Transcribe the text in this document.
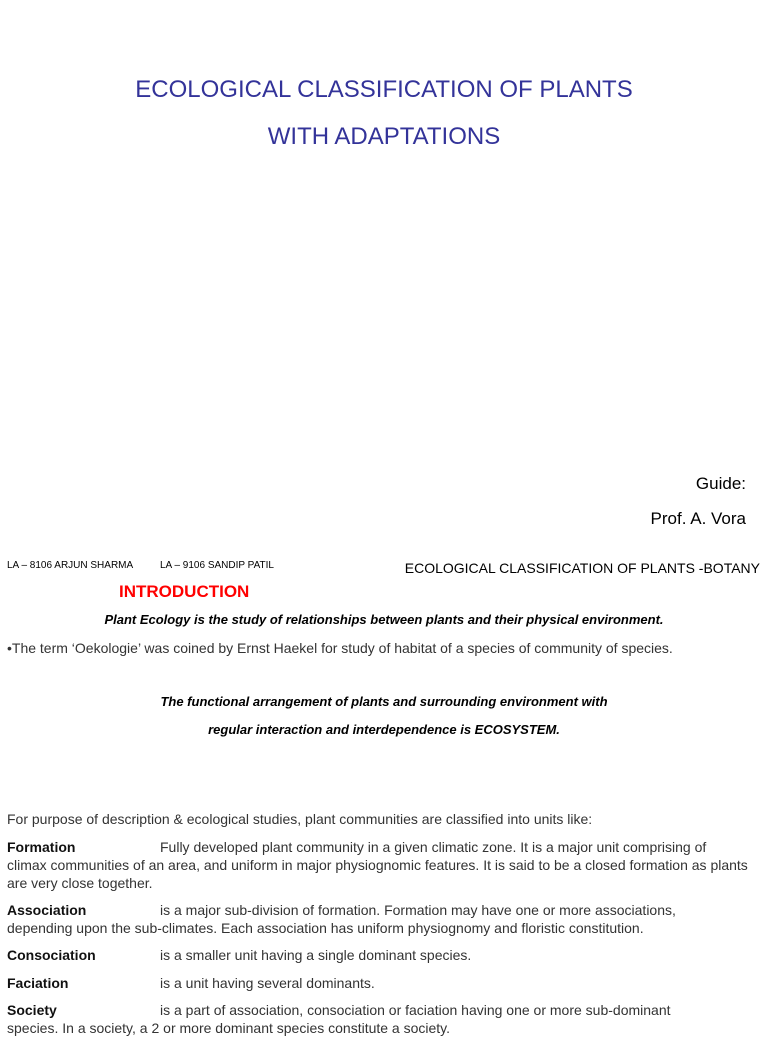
ECOLOGICAL CLASSIFICATION OF PLANTS
WITH ADAPTATIONS
Guide:
Prof. A. Vora
LA – 8106 ARJUN SHARMA	LA – 9106 SANDIP PATIL	ECOLOGICAL CLASSIFICATION OF PLANTS -BOTANY
INTRODUCTION
Plant Ecology is the study of relationships between plants and their physical environment.
•The term ‘Oekologie’ was coined by Ernst Haekel for study of habitat of a species of community of species.
The functional arrangement of plants and surrounding environment with
regular interaction and interdependence is ECOSYSTEM.
For purpose of description & ecological studies, plant communities are classified into units like:
Formation	Fully developed plant community in a given climatic zone. It is a major unit comprising of
climax communities of an area, and uniform in major physiognomic features. It is said to be a closed formation as plants are very close together.
Association	is a major sub-division of formation. Formation may have one or more associations,
depending upon the sub-climates. Each association has uniform physiognomy and floristic constitution.
Consociation	is a smaller unit having a single dominant species.
Faciation	is a unit having several dominants.
Society	is a part of association, consociation or faciation having one or more sub-dominant
species. In a society, a 2 or more dominant species constitute a society.
